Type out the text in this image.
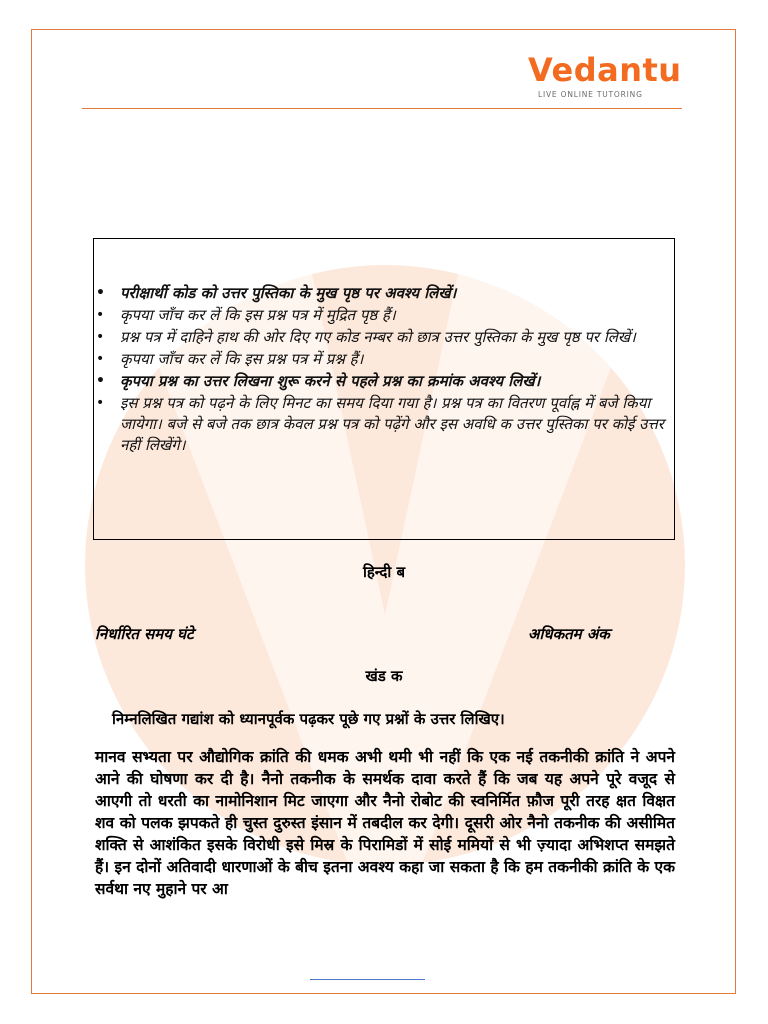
Vedantu
LIVE ONLINE TUTORING
• परीक्षार्थी कोड को उत्तर पुस्तिका के मुख पृष्ठ पर अवश्य लिखें।
• कृपया जाँच कर लें कि इस प्रश्न पत्र में मुद्रित पृष्ठ हैं।
• प्रश्न पत्र में दाहिने हाथ की ओर दिए गए कोड नम्बर को छात्र उत्तर पुस्तिका के मुख पृष्ठ पर लिखें।
• कृपया जाँच कर लें कि इस प्रश्न पत्र में प्रश्न हैं।
• कृपया प्रश्न का उत्तर लिखना शुरू करने से पहले प्रश्न का क्रमांक अवश्य लिखें।
• इस प्रश्न पत्र को पढ़ने के लिए मिनट का समय दिया गया है। प्रश्न पत्र का वितरण पूर्वाह्न में बजे किया जायेगा। बजे से बजे तक छात्र केवल प्रश्न पत्र को पढ़ेंगे और इस अवधि क उत्तर पुस्तिका पर कोई उत्तर नहीं लिखेंगे।
हिन्दी ब
निर्धारित समय घंटे	अधिकतम अंक
खंड क
निम्नलिखित गद्यांश को ध्यानपूर्वक पढ़कर पूछे गए प्रश्नों के उत्तर लिखिए।

मानव सभ्यता पर औद्योगिक क्रांति की धमक अभी थमी भी नहीं कि एक नई तकनीकी क्रांति ने अपने आने की घोषणा कर दी है। नैनो तकनीक के समर्थक दावा करते हैं कि जब यह अपने पूरे वजूद से आएगी तो धरती का नामोनिशान मिट जाएगा और नैनो रोबोट की स्वनिर्मित फ़ौज पूरी तरह क्षत विक्षत शव को पलक झपकते ही चुस्त दुरुस्त इंसान में तबदील कर देगी। दूसरी ओर नैनो तकनीक की असीमित शक्ति से आशंकित इसके विरोधी इसे मिस्र के पिरामिडों में सोई ममियों से भी ज़्यादा अभिशप्त समझते हैं। इन दोनों अतिवादी धारणाओं के बीच इतना अवश्य कहा जा सकता है कि हम तकनीकी क्रांति के एक सर्वथा नए मुहाने पर आ
